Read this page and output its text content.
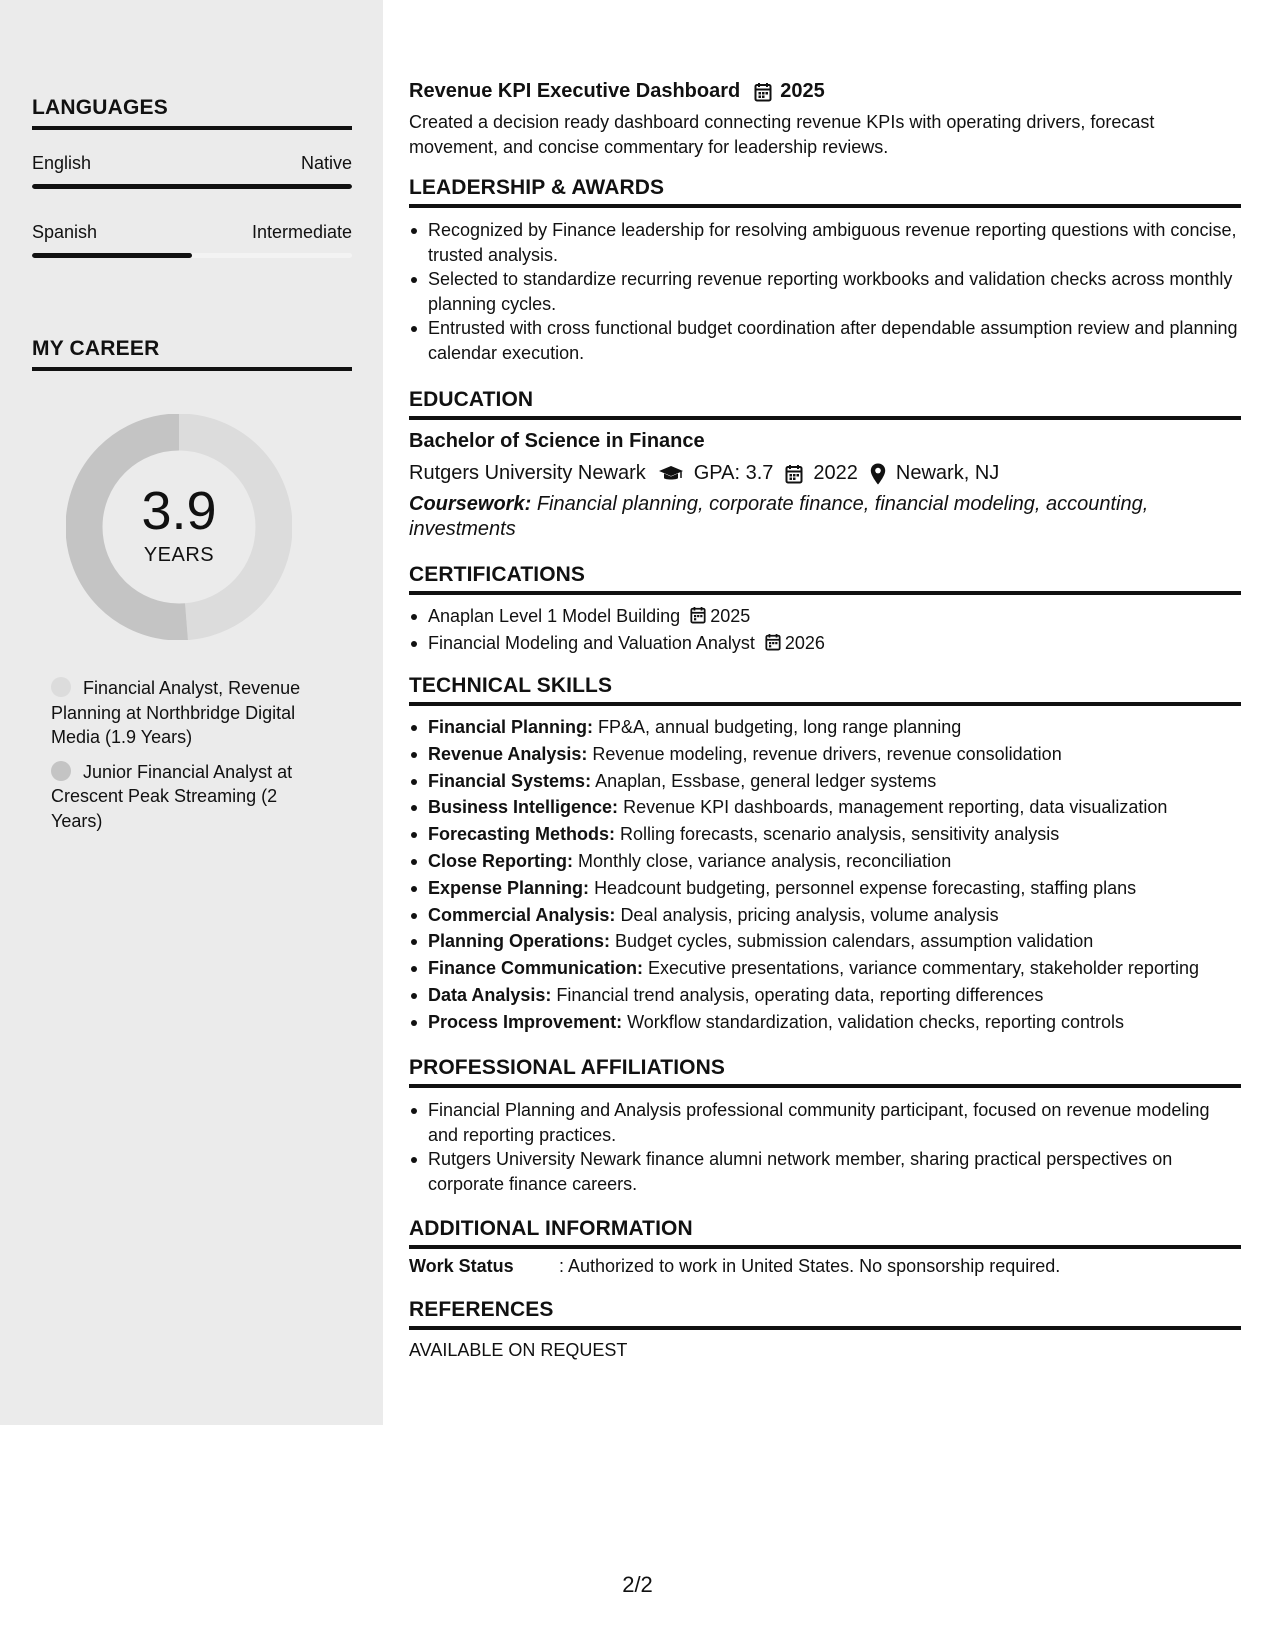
LANGUAGES
English	Native
Spanish	Intermediate
MY CAREER
3.9
YEARS
Financial Analyst, Revenue Planning at Northbridge Digital Media (1.9 Years)
Junior Financial Analyst at Crescent Peak Streaming (2 Years)
Revenue KPI Executive Dashboard 2025
Created a decision ready dashboard connecting revenue KPIs with operating drivers, forecast movement, and concise commentary for leadership reviews.
LEADERSHIP & AWARDS
Recognized by Finance leadership for resolving ambiguous revenue reporting questions with concise, trusted analysis.
Selected to standardize recurring revenue reporting workbooks and validation checks across monthly planning cycles.
Entrusted with cross functional budget coordination after dependable assumption review and planning calendar execution.
EDUCATION
Bachelor of Science in Finance
Rutgers University Newark GPA: 3.7 2022 Newark, NJ
Coursework: Financial planning, corporate finance, financial modeling, accounting, investments
CERTIFICATIONS
Anaplan Level 1 Model Building 2025
Financial Modeling and Valuation Analyst 2026
TECHNICAL SKILLS
Financial Planning: FP&A, annual budgeting, long range planning
Revenue Analysis: Revenue modeling, revenue drivers, revenue consolidation
Financial Systems: Anaplan, Essbase, general ledger systems
Business Intelligence: Revenue KPI dashboards, management reporting, data visualization
Forecasting Methods: Rolling forecasts, scenario analysis, sensitivity analysis
Close Reporting: Monthly close, variance analysis, reconciliation
Expense Planning: Headcount budgeting, personnel expense forecasting, staffing plans
Commercial Analysis: Deal analysis, pricing analysis, volume analysis
Planning Operations: Budget cycles, submission calendars, assumption validation
Finance Communication: Executive presentations, variance commentary, stakeholder reporting
Data Analysis: Financial trend analysis, operating data, reporting differences
Process Improvement: Workflow standardization, validation checks, reporting controls
PROFESSIONAL AFFILIATIONS
Financial Planning and Analysis professional community participant, focused on revenue modeling and reporting practices.
Rutgers University Newark finance alumni network member, sharing practical perspectives on corporate finance careers.
ADDITIONAL INFORMATION
Work Status	: Authorized to work in United States. No sponsorship required.
REFERENCES
AVAILABLE ON REQUEST
2/2
